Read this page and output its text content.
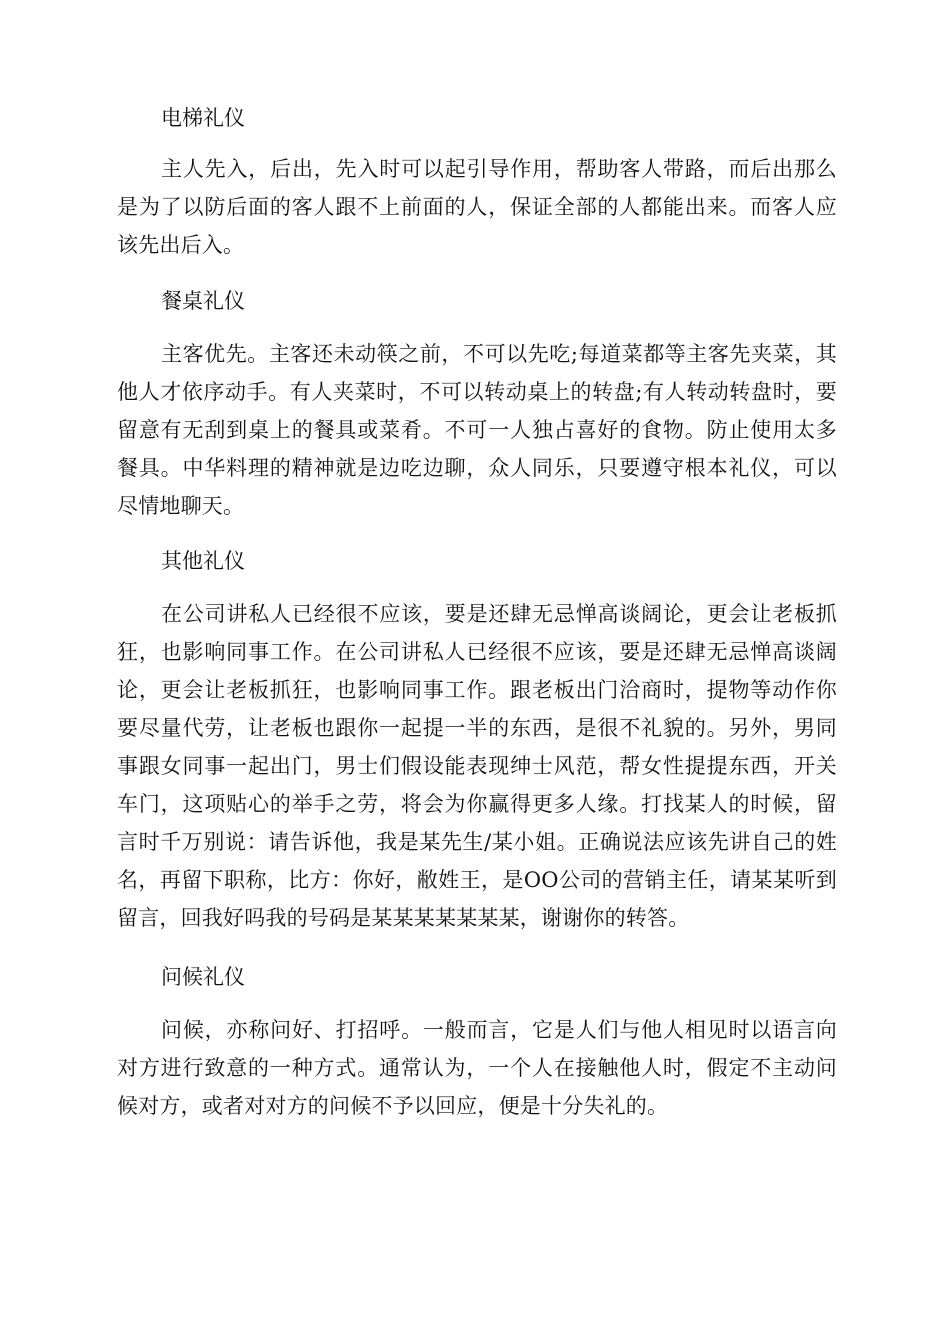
电梯礼仪

主人先入，后出，先入时可以起引导作用，帮助客人带路，而后出那么是为了以防后面的客人跟不上前面的人，保证全部的人都能出来。而客人应该先出后入。

餐桌礼仪

主客优先。主客还未动筷之前，不可以先吃;每道菜都等主客先夹菜，其他人才依序动手。有人夹菜时，不可以转动桌上的转盘;有人转动转盘时，要留意有无刮到桌上的餐具或菜肴。不可一人独占喜好的食物。防止使用太多餐具。中华料理的精神就是边吃边聊，众人同乐，只要遵守根本礼仪，可以尽情地聊天。

其他礼仪

在公司讲私人已经很不应该，要是还肆无忌惮高谈阔论，更会让老板抓狂，也影响同事工作。在公司讲私人已经很不应该，要是还肆无忌惮高谈阔论，更会让老板抓狂，也影响同事工作。跟老板出门洽商时，提物等动作你要尽量代劳，让老板也跟你一起提一半的东西，是很不礼貌的。另外，男同事跟女同事一起出门，男士们假设能表现绅士风范，帮女性提提东西，开关车门，这项贴心的举手之劳，将会为你赢得更多人缘。打找某人的时候，留言时千万别说：请告诉他，我是某先生/某小姐。正确说法应该先讲自己的姓名，再留下职称，比方：你好，敝姓王，是OO公司的营销主任，请某某听到留言，回我好吗我的号码是某某某某某某某，谢谢你的转答。

问候礼仪

问候，亦称问好、打招呼。一般而言，它是人们与他人相见时以语言向对方进行致意的一种方式。通常认为，一个人在接触他人时，假定不主动问候对方，或者对对方的问候不予以回应，便是十分失礼的。
